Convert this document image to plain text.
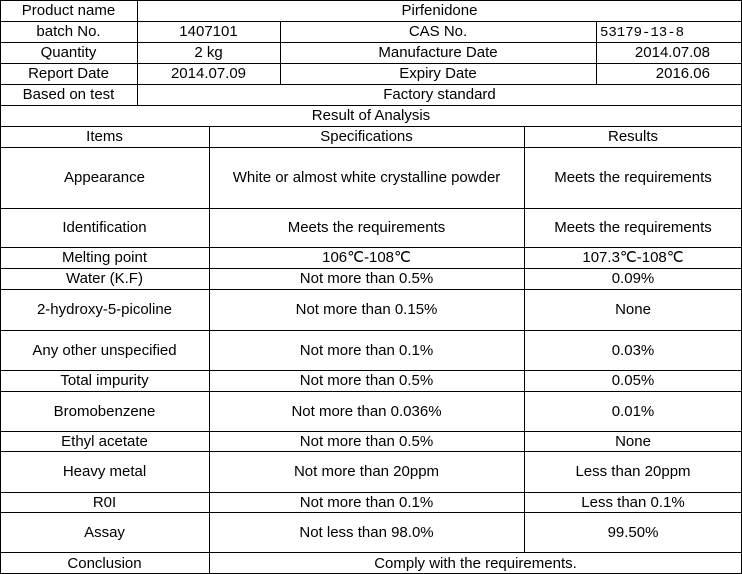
Product name	Pirfenidone
batch No.	1407101	CAS No.	53179-13-8
Quantity	2 kg	Manufacture Date	2014.07.08
Report Date	2014.07.09	Expiry Date	2016.06
Based on test	Factory standard
Result of Analysis
Items	Specifications	Results
Appearance	White or almost white crystalline powder	Meets the requirements
Identification	Meets the requirements	Meets the requirements
Melting point	106℃-108℃	107.3℃-108℃
Water (K.F)	Not more than 0.5%	0.09%
2-hydroxy-5-picoline	Not more than 0.15%	None
Any other unspecified	Not more than 0.1%	0.03%
Total impurity	Not more than 0.5%	0.05%
Bromobenzene	Not more than 0.036%	0.01%
Ethyl acetate	Not more than 0.5%	None
Heavy metal	Not more than 20ppm	Less than 20ppm
R0I	Not more than 0.1%	Less than 0.1%
Assay	Not less than 98.0%	99.50%
Conclusion	Comply with the requirements.
